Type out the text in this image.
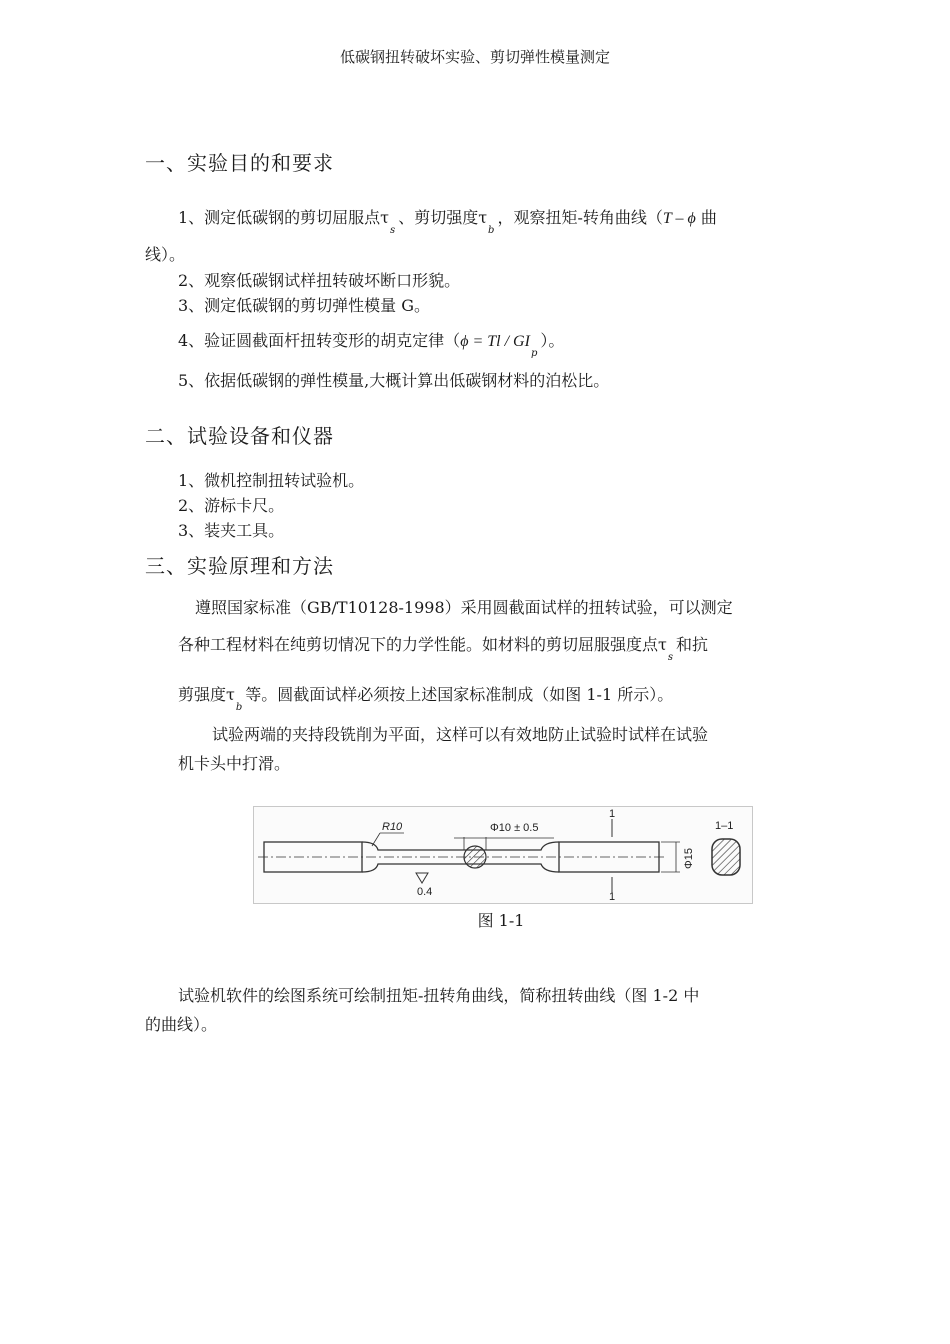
低碳钢扭转破坏实验、剪切弹性模量测定
一、实验目的和要求
1、测定低碳钢的剪切屈服点$\tau_s$、剪切强度$\tau_b$，观察扭矩-转角曲线（T – ϕ 曲
线）。
2、观察低碳钢试样扭转破坏断口形貌。
3、测定低碳钢的剪切弹性模量 G。
4、验证圆截面杆扭转变形的胡克定律$(\phi = Tl / GI_p)$。
5、依据低碳钢的弹性模量,大概计算出低碳钢材料的泊松比。
二、试验设备和仪器
1、微机控制扭转试验机。
2、游标卡尺。
3、装夹工具。
三、实验原理和方法
遵照国家标准（GB/T10128-1998）采用圆截面试样的扭转试验，可以测定
各种工程材料在纯剪切情况下的力学性能。如材料的剪切屈服强度点$\tau_s$和抗
剪强度$\tau_b$等。圆截面试样必须按上述国家标准制成（如图 1-1 所示）。
试验两端的夹持段铣削为平面，这样可以有效地防止试验时试样在试验
机卡头中打滑。
R10	Φ10 ± 0.5
1
1
0.4
1–1
Φ15
图 1-1
试验机软件的绘图系统可绘制扭矩-扭转角曲线，简称扭转曲线（图 1-2 中
的曲线）。
